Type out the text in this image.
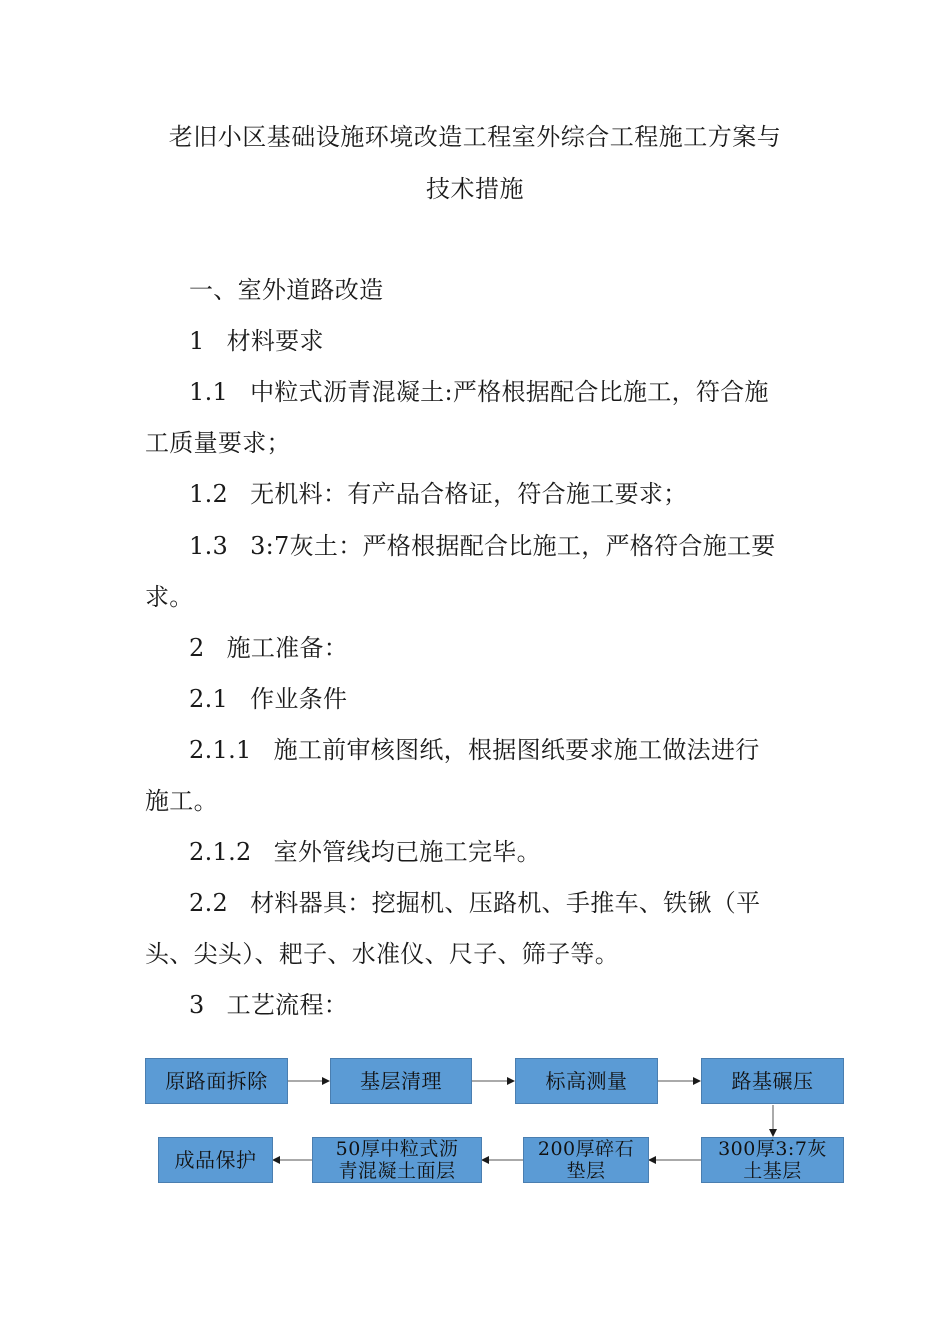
老旧小区基础设施环境改造工程室外综合工程施工方案与
技术措施
一、室外道路改造
1 材料要求
1.1 中粒式沥青混凝土:严格根据配合比施工，符合施
工质量要求；
1.2 无机料：有产品合格证，符合施工要求；
1.3 3:7灰土：严格根据配合比施工，严格符合施工要
求。
2 施工准备：
2.1 作业条件
2.1.1 施工前审核图纸，根据图纸要求施工做法进行
施工。
2.1.2 室外管线均已施工完毕。
2.2 材料器具：挖掘机、压路机、手推车、铁锹（平
头、尖头）、耙子、水准仪、尺子、筛子等。
3 工艺流程：
原路面拆除	基层清理	标高测量	路基碾压
300厚3:7灰
土基层
200厚碎石
垫层
50厚中粒式沥
青混凝土面层
成品保护
